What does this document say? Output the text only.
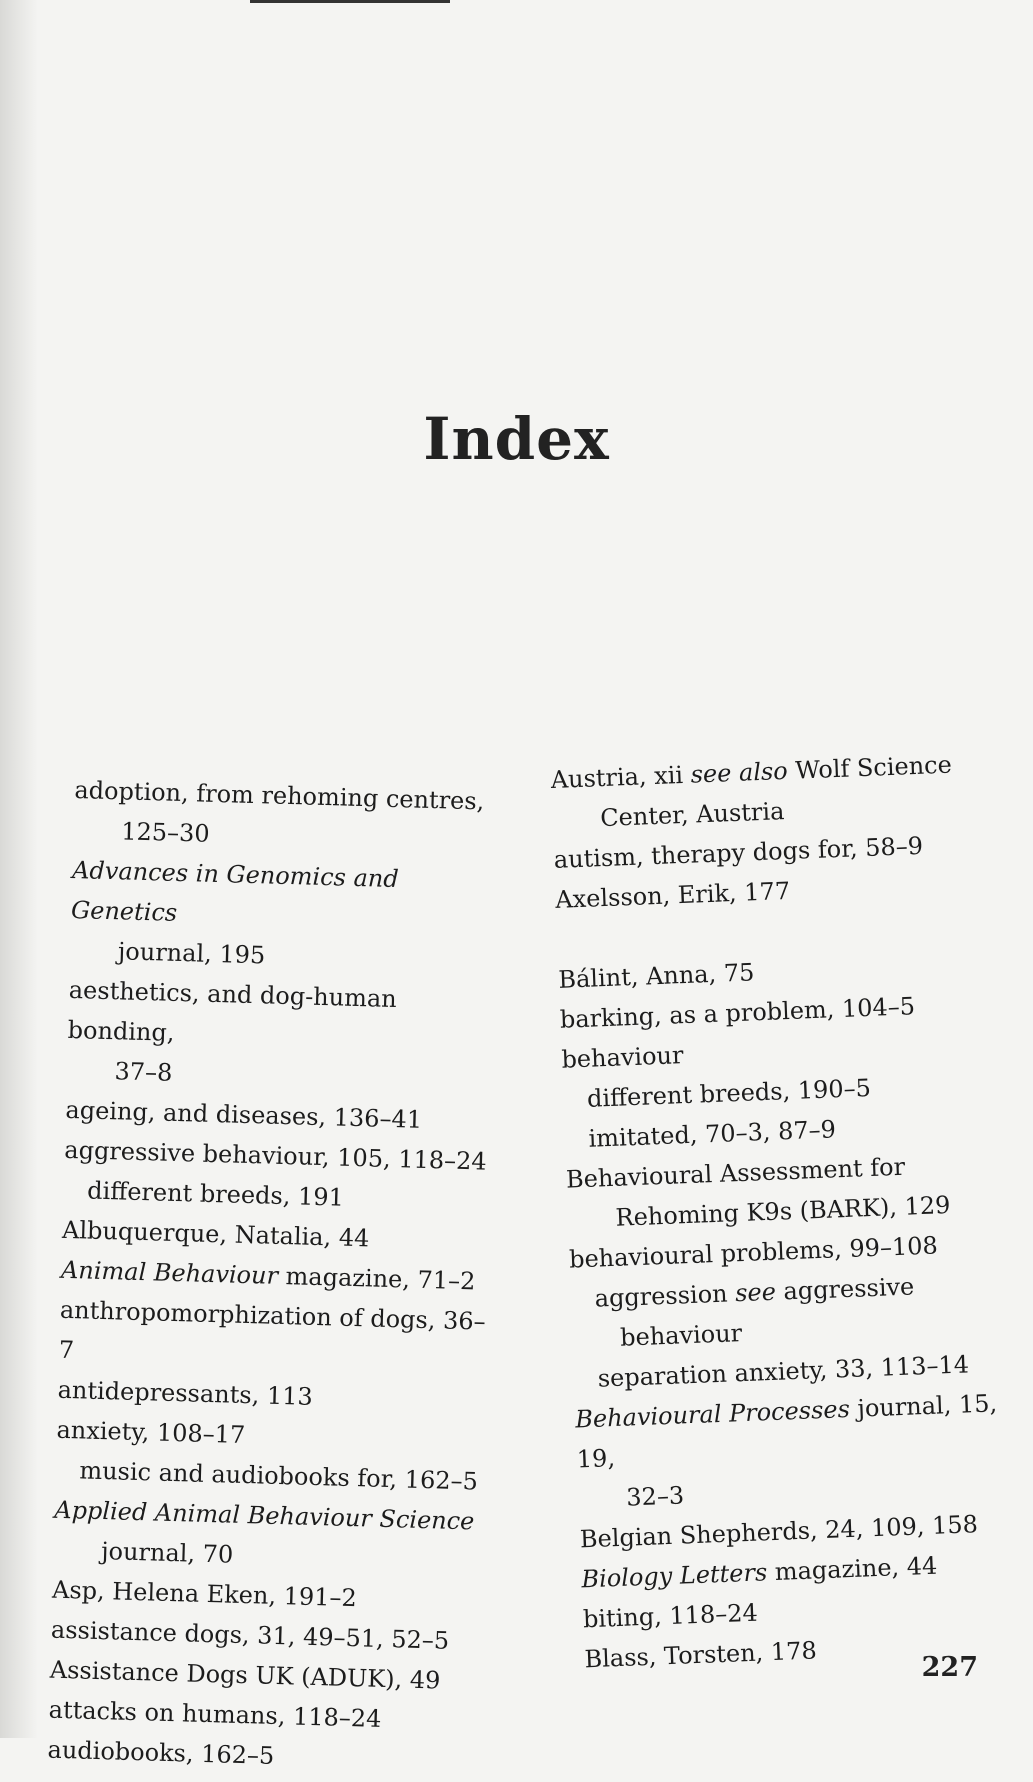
Index
adoption, from rehoming centres,
125–30
Advances in Genomics and Genetics
journal, 195
aesthetics, and dog-human bonding,
37–8
ageing, and diseases, 136–41
aggressive behaviour, 105, 118–24
different breeds, 191
Albuquerque, Natalia, 44
Animal Behaviour magazine, 71–2
anthropomorphization of dogs, 36–7
antidepressants, 113
anxiety, 108–17
music and audiobooks for, 162–5
Applied Animal Behaviour Science
journal, 70
Asp, Helena Eken, 191–2
assistance dogs, 31, 49–51, 52–5
Assistance Dogs UK (ADUK), 49
attacks on humans, 118–24
audiobooks, 162–5
Austria, xii see also Wolf Science
Center, Austria
autism, therapy dogs for, 58–9
Axelsson, Erik, 177
Bálint, Anna, 75
barking, as a problem, 104–5
behaviour
different breeds, 190–5
imitated, 70–3, 87–9
Behavioural Assessment for
Rehoming K9s (BARK), 129
behavioural problems, 99–108
aggression see aggressive
behaviour
separation anxiety, 33, 113–14
Behavioural Processes journal, 15, 19,
32–3
Belgian Shepherds, 24, 109, 158
Biology Letters magazine, 44
biting, 118–24
Blass, Torsten, 178	227
